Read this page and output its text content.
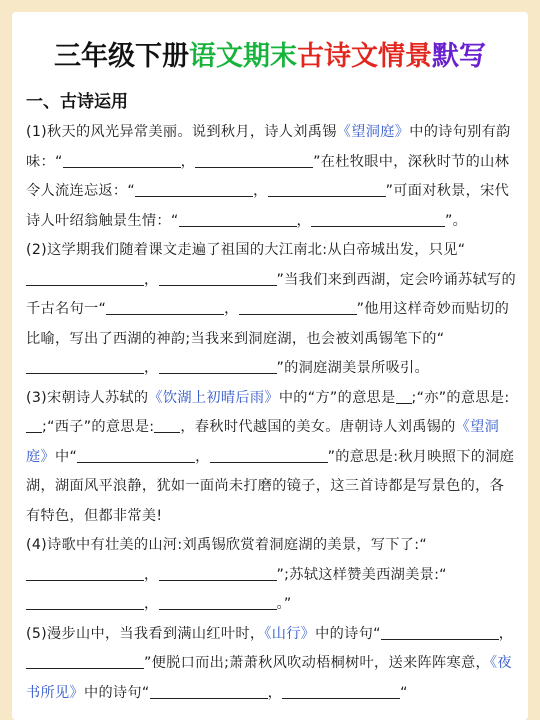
三年级下册语文期末古诗文情景默写
一、古诗运用

(1)秋天的风光异常美丽。说到秋月，诗人刘禹锡《望洞庭》中的诗句别有韵味：“	，	”在杜牧眼中，深秋时节的山林令人流连忘返：“	，	”可面对秋景，宋代诗人叶绍翁触景生情：“	，	”。

(2)这学期我们随着课文走遍了祖国的大江南北:从白帝城出发，只见“，	”当我们来到西湖，定会吟诵苏轼写的千古名句一“	，	”他用这样奇妙而贴切的比喻，写出了西湖的神韵;当我来到洞庭湖，也会被刘禹锡笔下的“，	”的洞庭湖美景所吸引。

(3)宋朝诗人苏轼的《饮湖上初晴后雨》中的“方”的意思是 ;“亦”的意思是:;“西子”的意思是: ，春秋时代越国的美女。唐朝诗人刘禹锡的《望洞庭》中“	，	”的意思是:秋月映照下的洞庭湖，湖面风平浪静，犹如一面尚未打磨的镜子，这三首诗都是写景色的，各有特色，但都非常美!

(4)诗歌中有壮美的山河:刘禹锡欣赏着洞庭湖的美景，写下了:“，	”;苏轼这样赞美西湖美景:“，	。”

(5)漫步山中，当我看到满山红叶时，《山行》中的诗句“	，”便脱口而出;萧萧秋风吹动梧桐树叶，送来阵阵寒意，《夜书所见》中的诗句“	，	“
